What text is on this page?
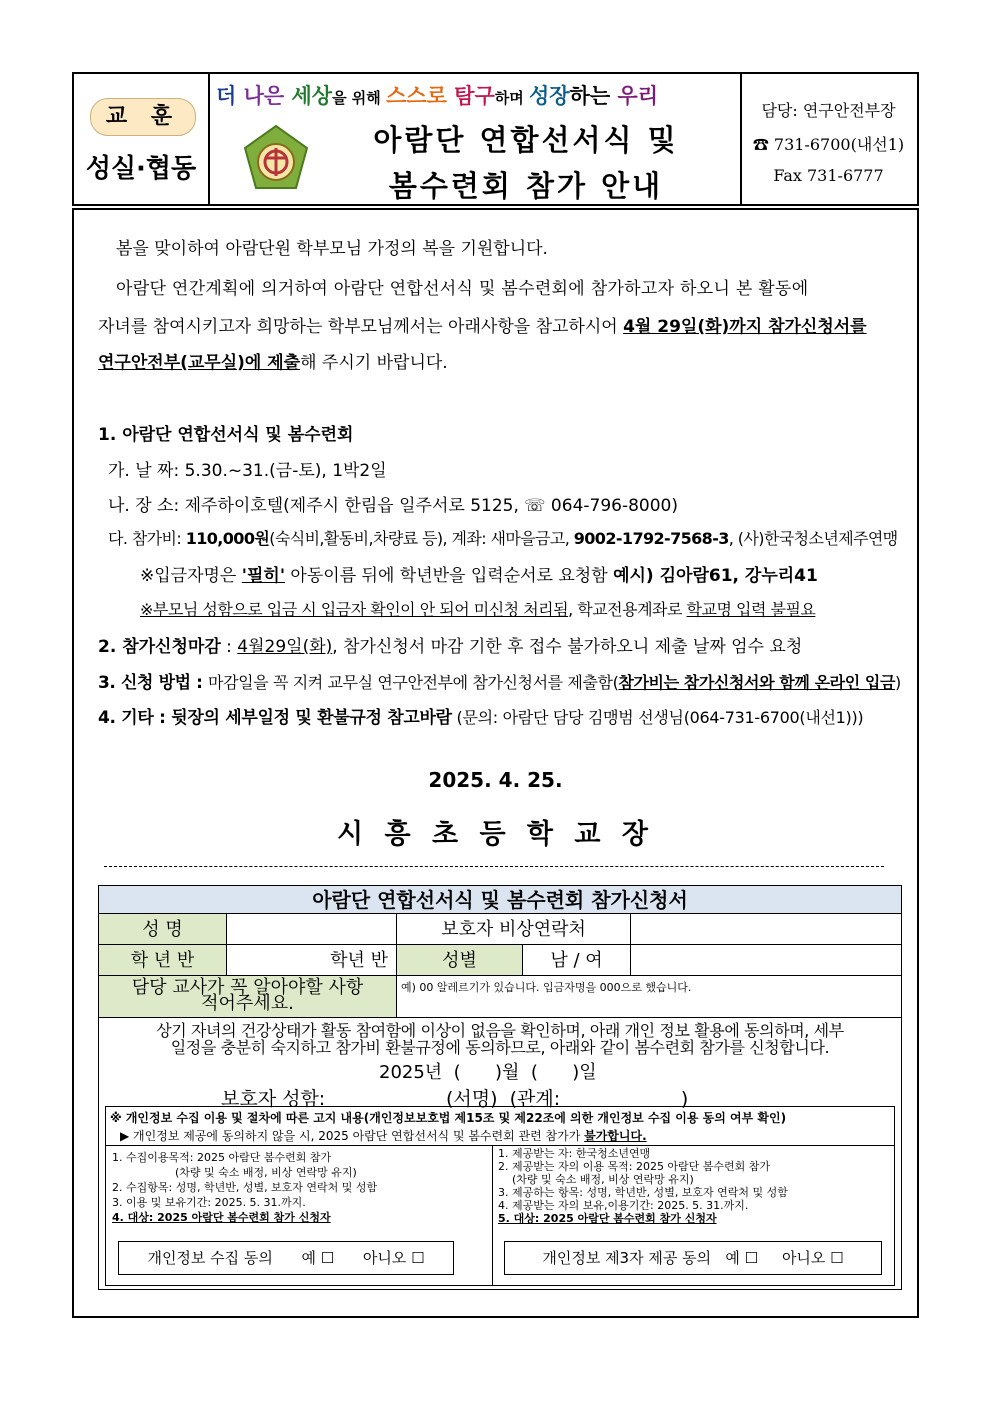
교 훈
성실·협동
더 나은 세상을 위해 스스로 탐구하며 성장하는 우리
아람단 연합선서식 및
봄수련회 참가 안내
담당: 연구안전부장
☎ 731-6700(내선1)
Fax 731-6777
봄을 맞이하여 아람단원 학부모님 가정의 복을 기원합니다.
아람단 연간계획에 의거하여 아람단 연합선서식 및 봄수련회에 참가하고자 하오니 본 활동에
자녀를 참여시키고자 희망하는 학부모님께서는 아래사항을 참고하시어 4월 29일(화)까지 참가신청서를
연구안전부(교무실)에 제출해 주시기 바랍니다.
1. 아람단 연합선서식 및 봄수련회
가. 날 짜: 5.30.~31.(금-토), 1박2일
나. 장 소: 제주하이호텔(제주시 한림읍 일주서로 5125, ☏ 064-796-8000)
다. 참가비: 110,000원(숙식비,활동비,차량료 등), 계좌: 새마을금고, 9002-1792-7568-3, (사)한국청소년제주연맹
※입금자명은 '필히' 아동이름 뒤에 학년반을 입력순서로 요청함 예시) 김아람61, 강누리41
※부모님 성함으로 입금 시 입금자 확인이 안 되어 미신청 처리됨, 학교전용계좌로 학교명 입력 불필요
2. 참가신청마감 : 4월29일(화), 참가신청서 마감 기한 후 접수 불가하오니 제출 날짜 엄수 요청
3. 신청 방법 : 마감일을 꼭 지켜 교무실 연구안전부에 참가신청서를 제출함(참가비는 참가신청서와 함께 온라인 입금)
4. 기타 : 뒷장의 세부일정 및 환불규정 참고바람 (문의: 아람단 담당 김맹범 선생님(064-731-6700(내선1)))
2025. 4. 25.
시 흥 초 등 학 교 장
아람단 연합선서식 및 봄수련회 참가신청서
성 명	보호자 비상연락처
학 년 반	학년 반	성별	남 / 여
담당 교사가 꼭 알아야할 사항
적어주세요.
예) 00 알레르기가 있습니다. 입금자명을 000으로 했습니다.
상기 자녀의 건강상태가 활동 참여함에 이상이 없음을 확인하며, 아래 개인 정보 활용에 동의하며, 세부
일정을 충분히 숙지하고 참가비 환불규정에 동의하므로, 아래와 같이 봄수련회 참가를 신청합니다.
2025년  (      )월  (      )일
보호자 성함:                    (서명)  (관계:                    )
※ 개인정보 수집 이용 및 절차에 따른 고지 내용(개인정보보호법 제15조 및 제22조에 의한 개인정보 수집 이용 동의 여부 확인)
▶ 개인정보 제공에 동의하지 않을 시, 2025 아람단 연합선서식 및 봄수련회 관련 참가가 불가합니다.
1. 수집이용목적: 2025 아람단 봄수련회 참가
(차량 및 숙소 배정, 비상 연락망 유지)
2. 수집항목: 성명, 학년반, 성별, 보호자 연락처 및 성함
3. 이용 및 보유기간: 2025. 5. 31.까지.
4. 대상: 2025 아람단 봄수련회 참가 신청자
1. 제공받는 자: 한국청소년연맹
2. 제공받는 자의 이용 목적: 2025 아람단 봄수련회 참가
(차량 및 숙소 배정, 비상 연락망 유지)
3. 제공하는 항목: 성명, 학년반, 성별, 보호자 연락처 및 성함
4. 제공받는 자의 보유,이용기간: 2025. 5. 31.까지.
5. 대상: 2025 아람단 봄수련회 참가 신청자
개인정보 수집 동의      예 ☐      아니오 ☐	개인정보 제3자 제공 동의   예 ☐     아니오 ☐
